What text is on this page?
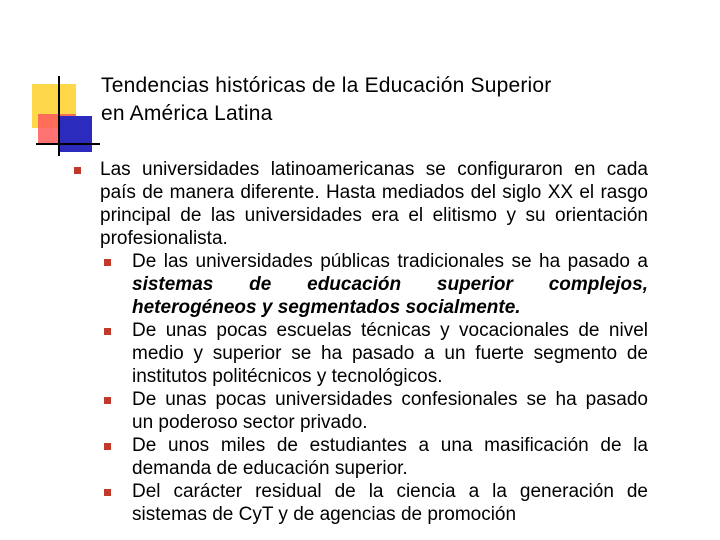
Tendencias históricas de la Educación Superior
en América Latina
Las universidades latinoamericanas se configuraron en cada país de manera diferente. Hasta mediados del siglo XX el rasgo principal de las universidades era el elitismo y su orientación profesionalista.
De las universidades públicas tradicionales se ha pasado a sistemas de educación superior complejos, heterogéneos y segmentados socialmente.
De unas pocas escuelas técnicas y vocacionales de nivel medio y superior se ha pasado a un fuerte segmento de institutos politécnicos y tecnológicos.
De unas pocas universidades confesionales se ha pasado un poderoso sector privado.
De unos miles de estudiantes a una masificación de la demanda de educación superior.
Del carácter residual de la ciencia a la generación de sistemas de CyT y de agencias de promoción
